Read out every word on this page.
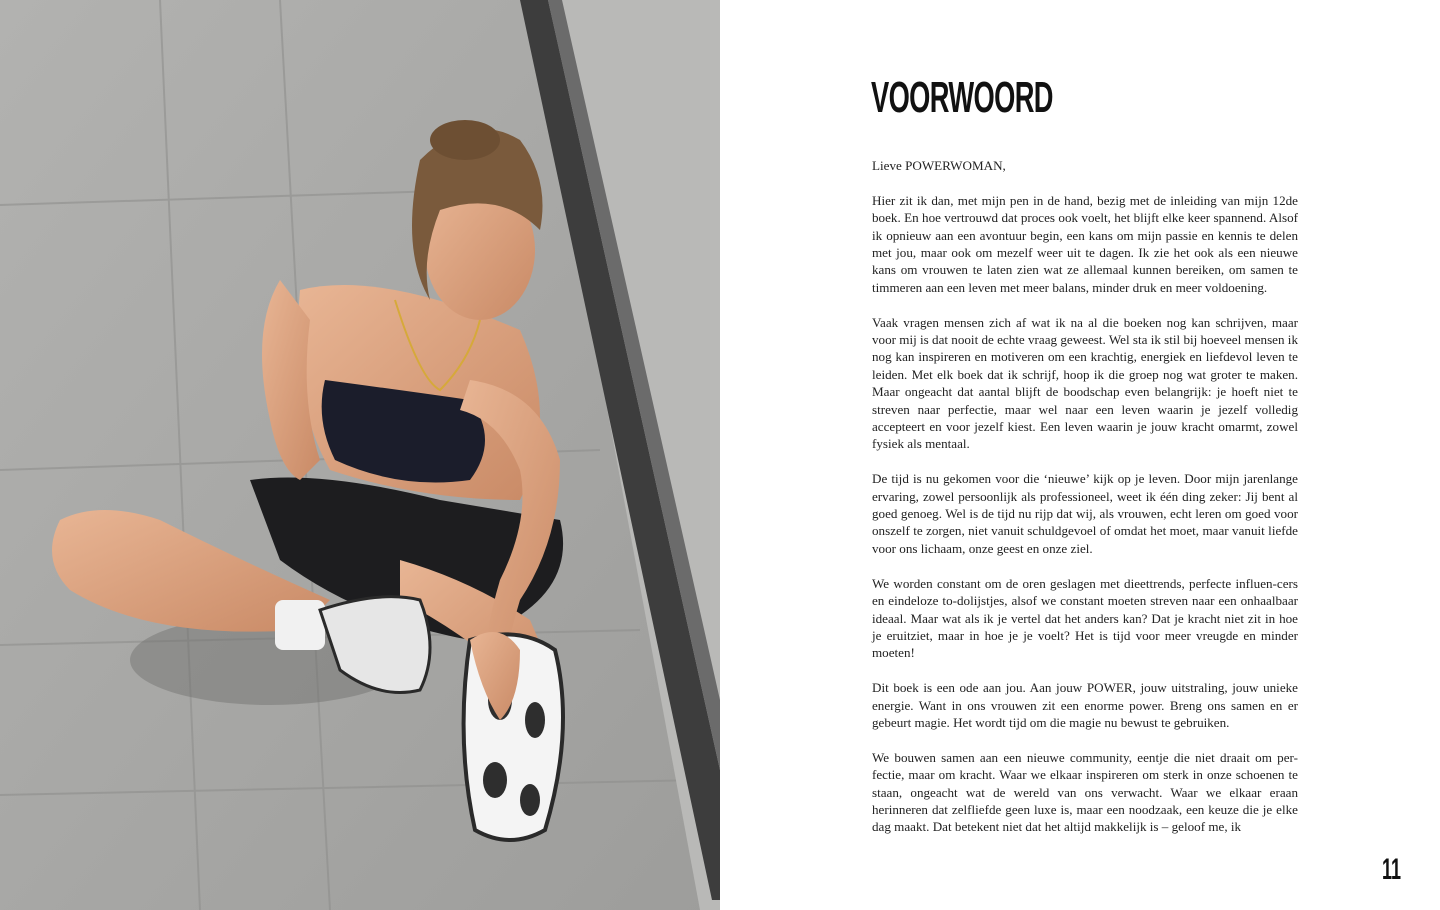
VOORWOORD

Lieve POWERWOMAN,

Hier zit ik dan, met mijn pen in de hand, bezig met de inleiding van mijn 12de boek. En hoe vertrouwd dat proces ook voelt, het blijft elke keer spannend. Alsof ik opnieuw aan een avontuur begin, een kans om mijn passie en kennis te delen met jou, maar ook om mezelf weer uit te dagen. Ik zie het ook als een nieuwe kans om vrouwen te laten zien wat ze allemaal kunnen bereiken, om samen te timmeren aan een leven met meer balans, minder druk en meer voldoening.

Vaak vragen mensen zich af wat ik na al die boeken nog kan schrijven, maar voor mij is dat nooit de echte vraag geweest. Wel sta ik stil bij hoeveel mensen ik nog kan inspireren en motiveren om een krachtig, energiek en liefdevol leven te leiden. Met elk boek dat ik schrijf, hoop ik die groep nog wat groter te maken. Maar ongeacht dat aantal blijft de boodschap even belangrijk: je hoeft niet te streven naar perfectie, maar wel naar een leven waarin je jezelf volledig accepteert en voor jezelf kiest. Een leven waarin je jouw kracht omarmt, zowel fysiek als mentaal.

De tijd is nu gekomen voor die ‘nieuwe’ kijk op je leven. Door mijn jarenlange ervaring, zowel persoonlijk als professioneel, weet ik één ding zeker: Jij bent al goed genoeg. Wel is de tijd nu rijp dat wij, als vrouwen, echt leren om goed voor onszelf te zorgen, niet vanuit schuldgevoel of omdat het moet, maar vanuit liefde voor ons lichaam, onze geest en onze ziel.

We worden constant om de oren geslagen met dieettrends, perfecte influen-cers en eindeloze to-dolijstjes, alsof we constant moeten streven naar een onhaalbaar ideaal. Maar wat als ik je vertel dat het anders kan? Dat je kracht niet zit in hoe je eruitziet, maar in hoe je je voelt? Het is tijd voor meer vreugde en minder moeten!

Dit boek is een ode aan jou. Aan jouw POWER, jouw uitstraling, jouw unieke energie. Want in ons vrouwen zit een enorme power. Breng ons samen en er gebeurt magie. Het wordt tijd om die magie nu bewust te gebruiken.

We bouwen samen aan een nieuwe community, eentje die niet draait om per-fectie, maar om kracht. Waar we elkaar inspireren om sterk in onze schoenen te staan, ongeacht wat de wereld van ons verwacht. Waar we elkaar eraan herinneren dat zelfliefde geen luxe is, maar een noodzaak, een keuze die je elke dag maakt. Dat betekent niet dat het altijd makkelijk is – geloof me, ik

11
